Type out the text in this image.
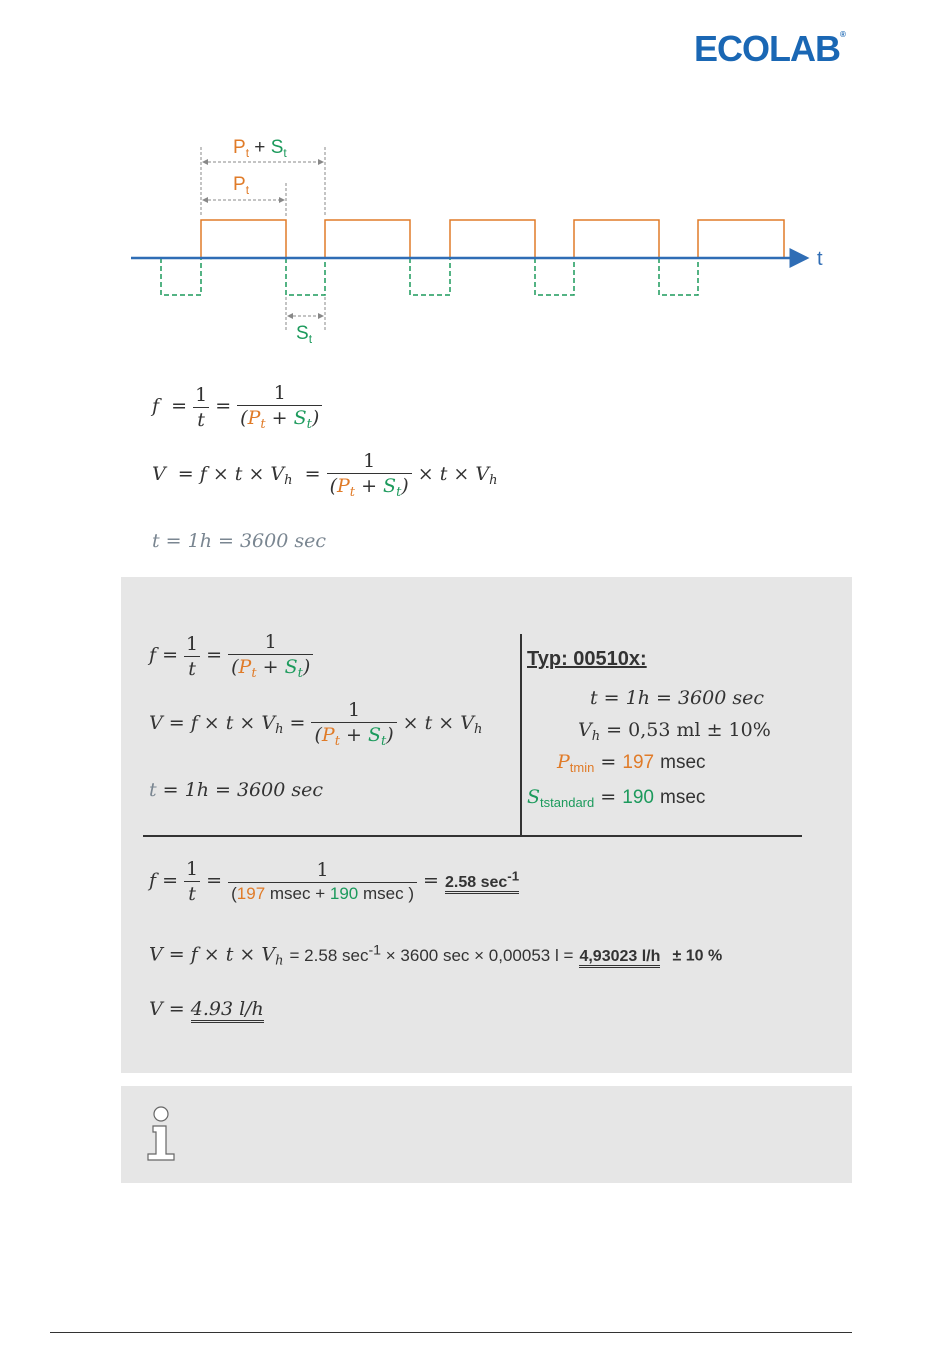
ECOLAB®
$P_t + S_t$
$P_t$
t
$S_t$
$f = \frac{1}{t} = \frac{1}{(P_t + S_t)}$
$V = f \times t \times V_h = \frac{1}{(P_t + S_t)} \times t \times V_h$
t = 1h = 3600 sec
$f = \frac{1}{t} = \frac{1}{(P_t + S_t)}$
$V = f \times t \times V_h = \frac{1}{(P_t + S_t)} \times t \times V_h$
t = 1h = 3600 sec
Typ: 00510x:
t = 1h = 3600 sec
$V_h = 0,53$ ml ± 10%
$P_{tmin} = 197$ msec
$S_{tstandard} = 190$ msec
$f = \frac{1}{t} = \frac{1}{(197 msec + 190 msec )} = 2.58$ $\sec^{-1}$
$V = f \times t \times V_h = 2.58$ $\sec^{-1} \times 3600$ sec × 0,00053 l = 4,93023 l/h ± 10 %
V = 4.93 l/h
